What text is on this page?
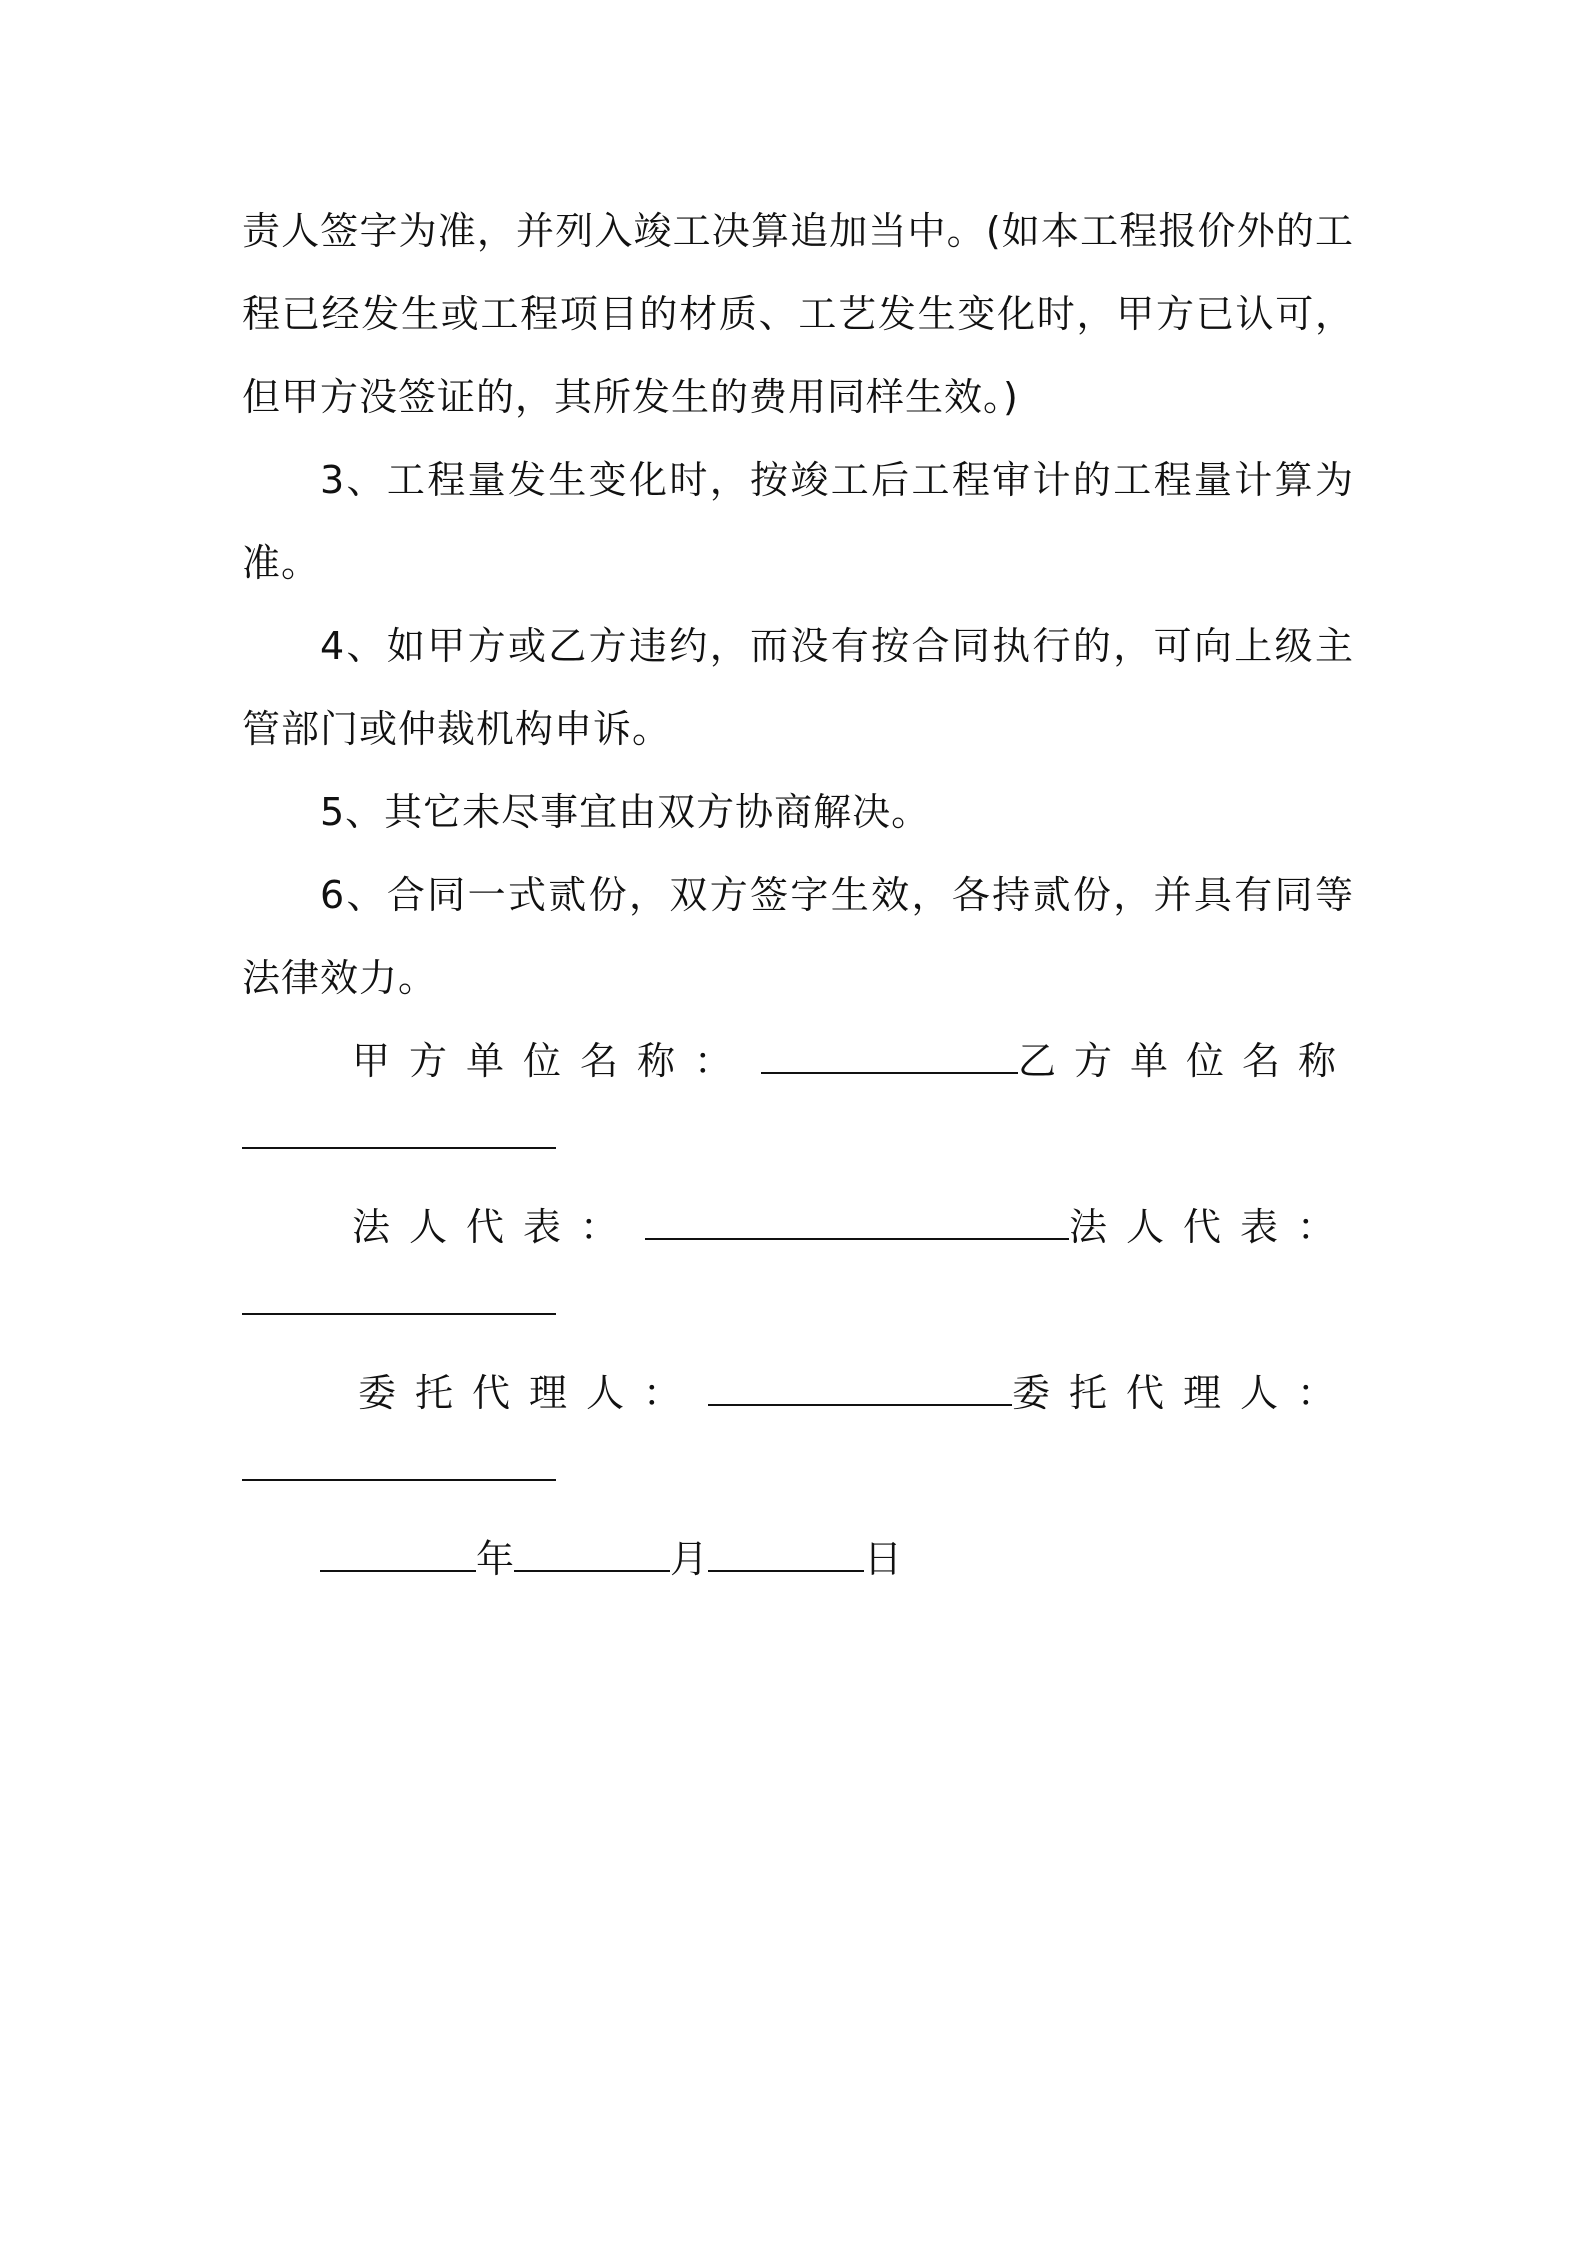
责人签字为准，并列入竣工决算追加当中。(如本工程报价外的工程已经发生或工程项目的材质、工艺发生变化时，甲方已认可，但甲方没签证的，其所发生的费用同样生效。)

3、工程量发生变化时，按竣工后工程审计的工程量计算为准。

4、如甲方或乙方违约，而没有按合同执行的，可向上级主管部门或仲裁机构申诉。

5、其它未尽事宜由双方协商解决。

6、合同一式贰份，双方签字生效，各持贰份，并具有同等法律效力。

甲方单位名称：	乙方单位名称
法人代表：	法人代表：
委托代理人：	委托代理人：
年	月	日
